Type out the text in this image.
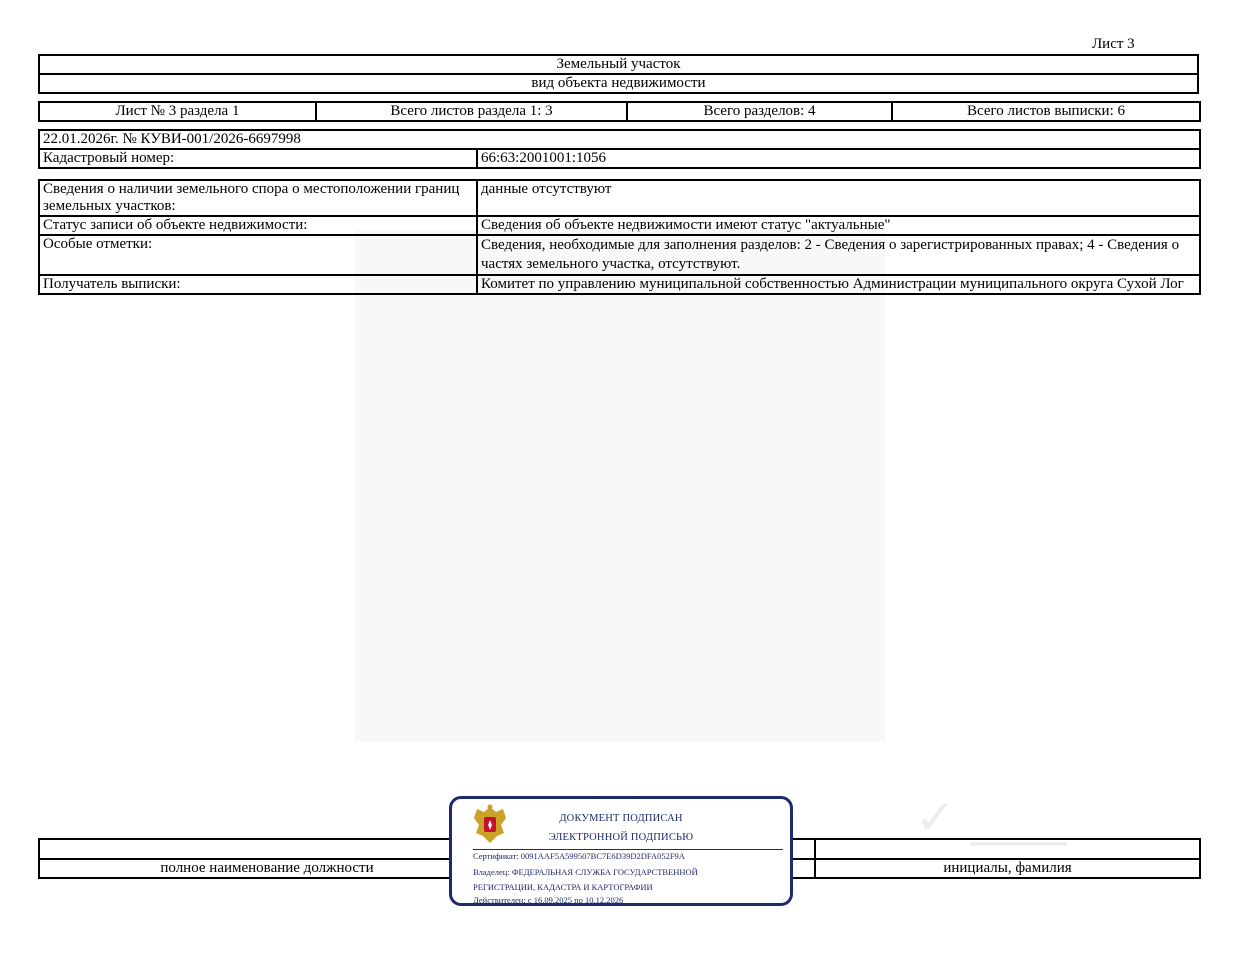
Лист 3
Земельный участок
вид объекта недвижимости
Лист № 3 раздела 1	Всего листов раздела 1: 3	Всего разделов: 4	Всего листов выписки: 6
22.01.2026г. № КУВИ-001/2026-6697998
Кадастровый номер:	66:63:2001001:1056
Сведения о наличии земельного спора о местоположении границ земельных участков:	данные отсутствуют
Статус записи об объекте недвижимости:	Сведения об объекте недвижимости имеют статус "актуальные"
Особые отметки:	Сведения, необходимые для заполнения разделов: 2 - Сведения о зарегистрированных правах; 4 - Сведения о частях земельного участка, отсутствуют.
Получатель выписки:	Комитет по управлению муниципальной собственностью Администрации муниципального округа Сухой Лог

полное наименование должности		инициалы, фамилия
✓ ____
ДОКУМЕНТ ПОДПИСАН
ЭЛЕКТРОННОЙ ПОДПИСЬЮ
Сертификат: 0091AAF5A599507BC7E6D39D2DFA052F9A
Владелец: ФЕДЕРАЛЬНАЯ СЛУЖБА ГОСУДАРСТВЕННОЙ
РЕГИСТРАЦИИ, КАДАСТРА И КАРТОГРАФИИ
Действителен: с 16.09.2025 по 10.12.2026
